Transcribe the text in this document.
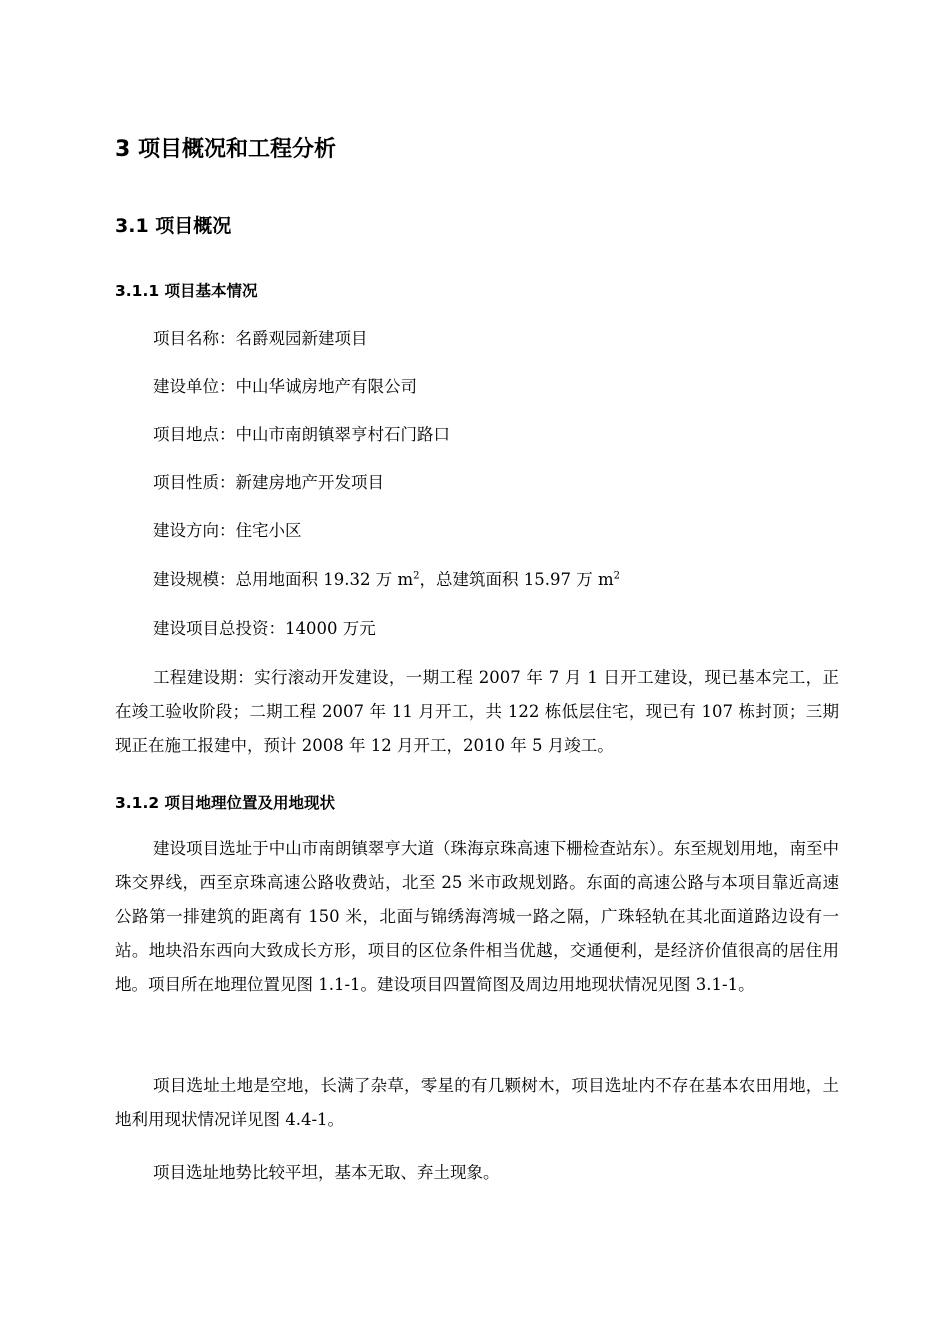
3 项目概况和工程分析
3.1 项目概况
3.1.1 项目基本情况
项目名称：名爵观园新建项目
建设单位：中山华诚房地产有限公司
项目地点：中山市南朗镇翠亨村石门路口
项目性质：新建房地产开发项目
建设方向：住宅小区
建设规模：总用地面积 19.32 万 $m^2$，总建筑面积 15.97 万 $m^2$
建设项目总投资：14000 万元
工程建设期：实行滚动开发建设，一期工程 2007 年 7 月 1 日开工建设，现已基本完工，正在竣工验收阶段；二期工程 2007 年 11 月开工，共 122 栋低层住宅，现已有 107 栋封顶；三期现正在施工报建中，预计 2008 年 12 月开工，2010 年 5 月竣工。
3.1.2 项目地理位置及用地现状
建设项目选址于中山市南朗镇翠亨大道（珠海京珠高速下栅检查站东）。东至规划用地，南至中珠交界线，西至京珠高速公路收费站，北至 25 米市政规划路。东面的高速公路与本项目靠近高速公路第一排建筑的距离有 150 米，北面与锦绣海湾城一路之隔，广珠轻轨在其北面道路边设有一站。地块沿东西向大致成长方形，项目的区位条件相当优越，交通便利，是经济价值很高的居住用地。项目所在地理位置见图 1.1-1。建设项目四置简图及周边用地现状情况见图 3.1-1。
项目选址土地是空地，长满了杂草，零星的有几颗树木，项目选址内不存在基本农田用地，土地利用现状情况详见图 4.4-1。
项目选址地势比较平坦，基本无取、弃土现象。
